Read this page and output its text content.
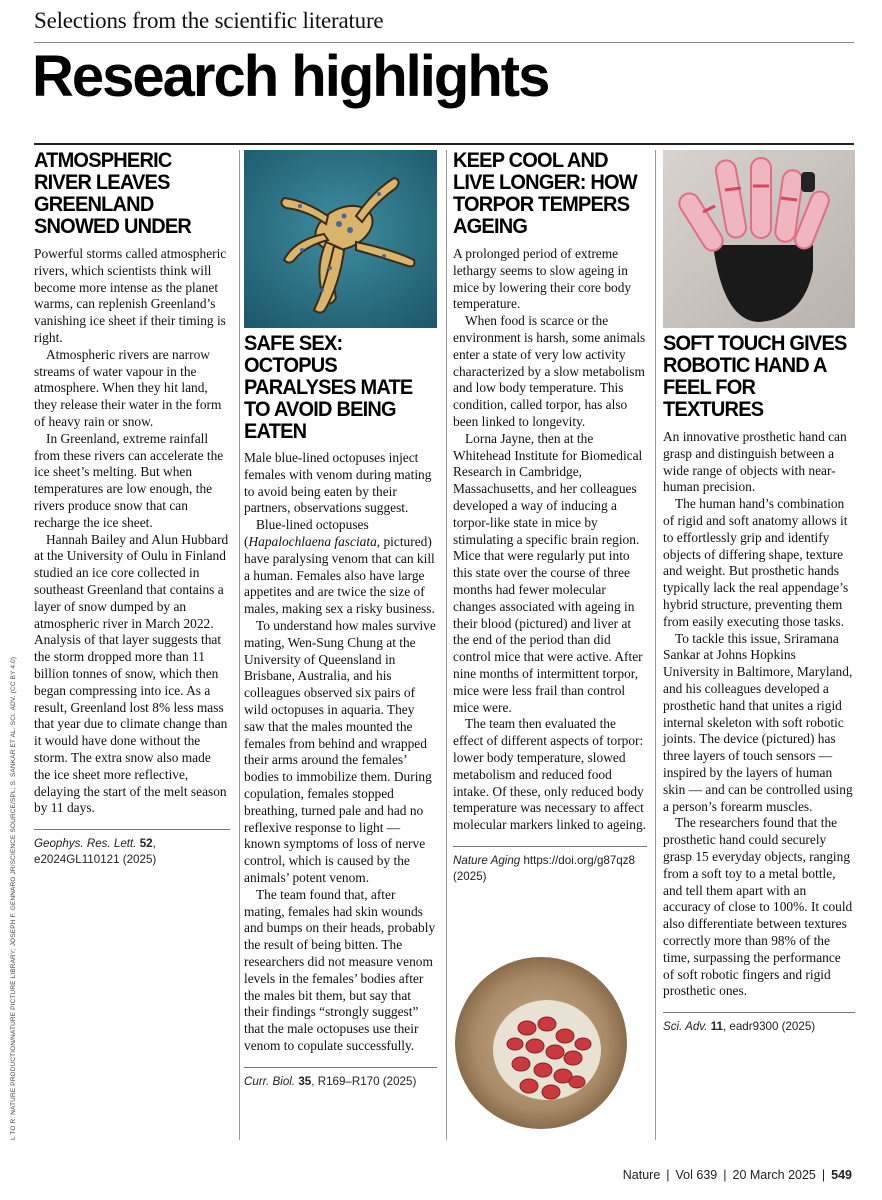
Selections from the scientific literature
Research highlights
L TO R: NATURE PRODUCTION/NATURE PICTURE LIBRARY; JOSEPH F. GENNARO JR/SCIENCE SOURCE/SPL; S. SANKAR ET AL. SCI. ADV. (CC BY 4.0)
ATMOSPHERIC RIVER LEAVES GREENLAND SNOWED UNDER

Powerful storms called atmospheric rivers, which scientists think will become more intense as the planet warms, can replenish Greenland’s vanishing ice sheet if their timing is right.

Atmospheric rivers are narrow streams of water vapour in the atmosphere. When they hit land, they release their water in the form of heavy rain or snow.

In Greenland, extreme rainfall from these rivers can accelerate the ice sheet’s melting. But when temperatures are low enough, the rivers produce snow that can recharge the ice sheet.

Hannah Bailey and Alun Hubbard at the University of Oulu in Finland studied an ice core collected in southeast Greenland that contains a layer of snow dumped by an atmospheric river in March 2022. Analysis of that layer suggests that the storm dropped more than 11 billion tonnes of snow, which then began compressing into ice. As a result, Greenland lost 8% less mass that year due to climate change than it would have done without the storm. The extra snow also made the ice sheet more reflective, delaying the start of the melt season by 11 days.

Geophys. Res. Lett. 52, e2024GL110121 (2025)
SAFE SEX: OCTOPUS PARALYSES MATE TO AVOID BEING EATEN

Male blue-lined octopuses inject females with venom during mating to avoid being eaten by their partners, observations suggest.

Blue-lined octopuses (Hapalochlaena fasciata, pictured) have paralysing venom that can kill a human. Females also have large appetites and are twice the size of males, making sex a risky business.

To understand how males survive mating, Wen-Sung Chung at the University of Queensland in Brisbane, Australia, and his colleagues observed six pairs of wild octopuses in aquaria. They saw that the males mounted the females from behind and wrapped their arms around the females’ bodies to immobilize them. During copulation, females stopped breathing, turned pale and had no reflexive response to light — known symptoms of loss of nerve control, which is caused by the animals’ potent venom.

The team found that, after mating, females had skin wounds and bumps on their heads, probably the result of being bitten. The researchers did not measure venom levels in the females’ bodies after the males bit them, but say that their findings “strongly suggest” that the male octopuses use their venom to copulate successfully.

Curr. Biol. 35, R169–R170 (2025)
KEEP COOL AND LIVE LONGER: HOW TORPOR TEMPERS AGEING

A prolonged period of extreme lethargy seems to slow ageing in mice by lowering their core body temperature.

When food is scarce or the environment is harsh, some animals enter a state of very low activity characterized by a slow metabolism and low body temperature. This condition, called torpor, has also been linked to longevity.

Lorna Jayne, then at the Whitehead Institute for Biomedical Research in Cambridge, Massachusetts, and her colleagues developed a way of inducing a torpor-like state in mice by stimulating a specific brain region. Mice that were regularly put into this state over the course of three months had fewer molecular changes associated with ageing in their blood (pictured) and liver at the end of the period than did control mice that were active. After nine months of intermittent torpor, mice were less frail than control mice were.

The team then evaluated the effect of different aspects of torpor: lower body temperature, slowed metabolism and reduced food intake. Of these, only reduced body temperature was necessary to affect molecular markers linked to ageing.

Nature Aging https://doi.org/g87qz8 (2025)
SOFT TOUCH GIVES ROBOTIC HAND A FEEL FOR TEXTURES

An innovative prosthetic hand can grasp and distinguish between a wide range of objects with near-human precision.

The human hand’s combination of rigid and soft anatomy allows it to effortlessly grip and identify objects of differing shape, texture and weight. But prosthetic hands typically lack the real appendage’s hybrid structure, preventing them from easily executing those tasks.

To tackle this issue, Sriramana Sankar at Johns Hopkins University in Baltimore, Maryland, and his colleagues developed a prosthetic hand that unites a rigid internal skeleton with soft robotic joints. The device (pictured) has three layers of touch sensors — inspired by the layers of human skin — and can be controlled using a person’s forearm muscles.

The researchers found that the prosthetic hand could securely grasp 15 everyday objects, ranging from a soft toy to a metal bottle, and tell them apart with an accuracy of close to 100%. It could also differentiate between textures correctly more than 98% of the time, surpassing the performance of soft robotic fingers and rigid prosthetic ones.

Sci. Adv. 11, eadr9300 (2025)
Nature | Vol 639 | 20 March 2025 | 549
